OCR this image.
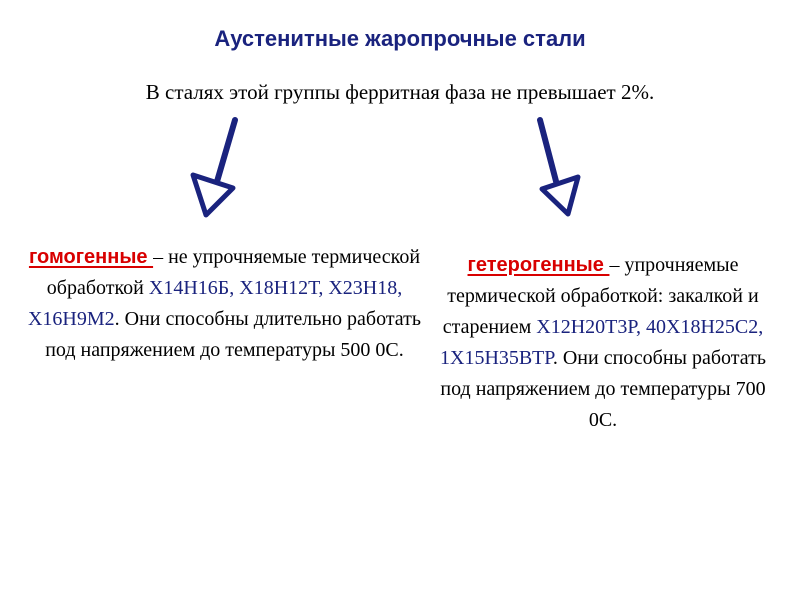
Аустенитные жаропрочные стали
В сталях этой группы ферритная фаза не превышает 2%.
гомогенные – не упрочняемые термической обработкой Х14Н16Б, Х18Н12Т, Х23Н18, Х16Н9М2. Они способны длительно работать под напряжением до температуры 500 0С.
гетерогенные – упрочняемые термической обработкой: закалкой и старением Х12Н20Т3Р, 40Х18Н25С2, 1Х15Н35ВТР. Они способны работать под напряжением до температуры 700 0С.
